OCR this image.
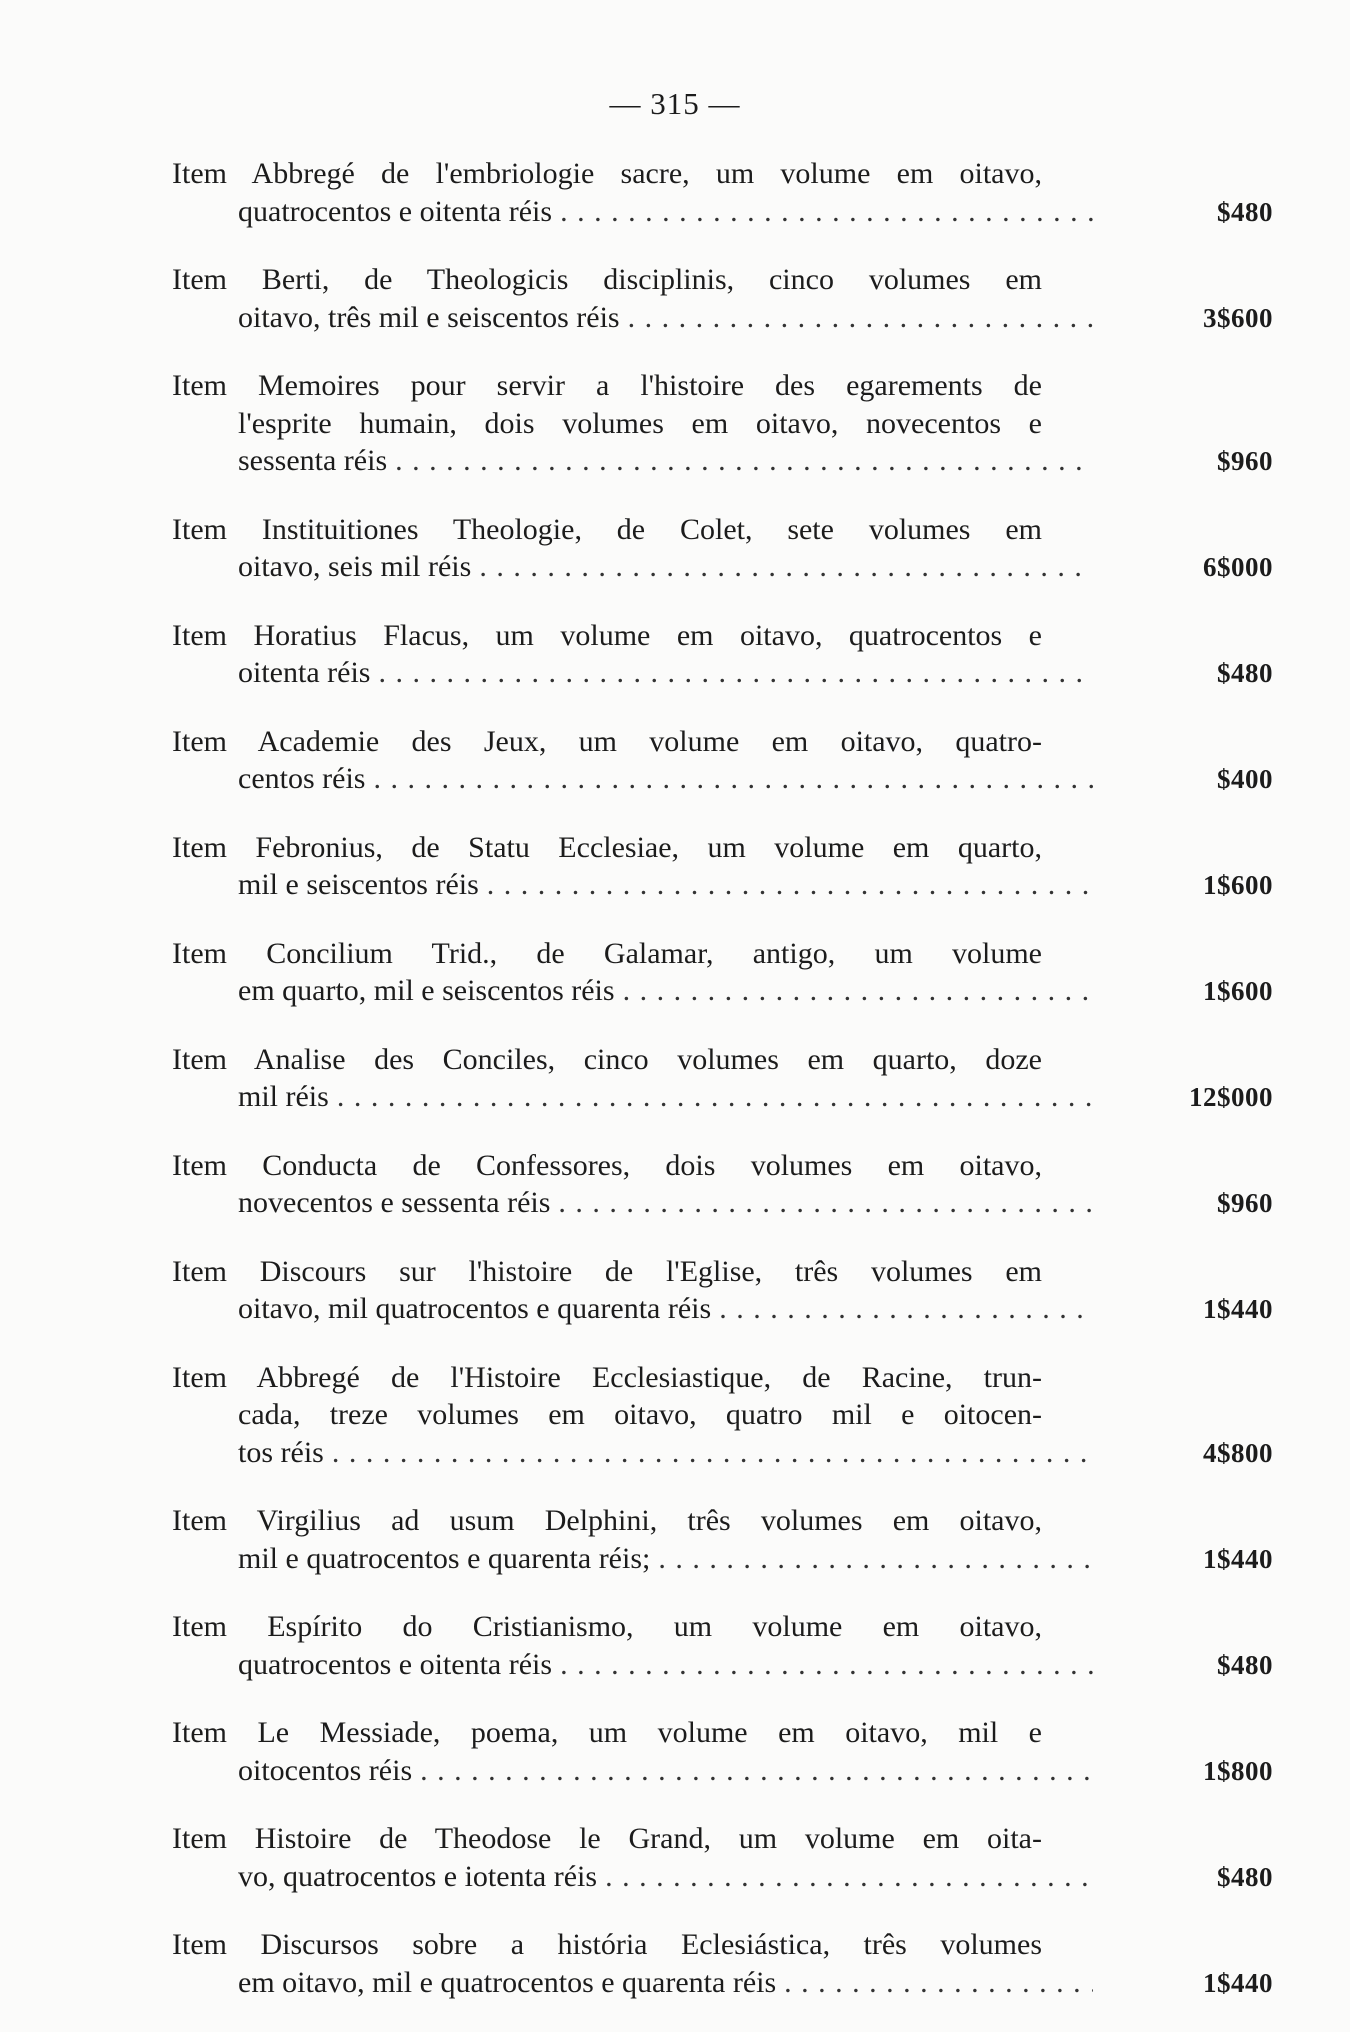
— 315 —
Item Abbregé de l'embriologie sacre, um volume em oitavo,
quatrocentos e oitenta réis . . .	$480
Item Berti, de Theologicis disciplinis, cinco volumes em
oitavo, três mil e seiscentos réis . . .	3$600
Item Memoires pour servir a l'histoire des egarements de
l'esprite humain, dois volumes em oitavo, novecentos e
sessenta réis . . .	$960
Item Instituitiones Theologie, de Colet, sete volumes em
oitavo, seis mil réis . . .	6$000
Item Horatius Flacus, um volume em oitavo, quatrocentos e
oitenta réis . . .	$480
Item Academie des Jeux, um volume em oitavo, quatro-
centos réis . . .	$400
Item Febronius, de Statu Ecclesiae, um volume em quarto,
mil e seiscentos réis . . .	1$600
Item Concilium Trid., de Galamar, antigo, um volume
em quarto, mil e seiscentos réis . . .	1$600
Item Analise des Conciles, cinco volumes em quarto, doze
mil réis . . .	12$000
Item Conducta de Confessores, dois volumes em oitavo,
novecentos e sessenta réis . . .	$960
Item Discours sur l'histoire de l'Eglise, três volumes em
oitavo, mil quatrocentos e quarenta réis . . .	1$440
Item Abbregé de l'Histoire Ecclesiastique, de Racine, trun-
cada, treze volumes em oitavo, quatro mil e oitocen-
tos réis . . .	4$800
Item Virgilius ad usum Delphini, três volumes em oitavo,
mil e quatrocentos e quarenta réis; . . .	1$440
Item Espírito do Cristianismo, um volume em oitavo,
quatrocentos e oitenta réis . . .	$480
Item Le Messiade, poema, um volume em oitavo, mil e
oitocentos réis . . .	1$800
Item Histoire de Theodose le Grand, um volume em oita-
vo, quatrocentos e iotenta réis . . .	$480
Item Discursos sobre a história Eclesiástica, três volumes
em oitavo, mil e quatrocentos e quarenta réis . . .	1$440
